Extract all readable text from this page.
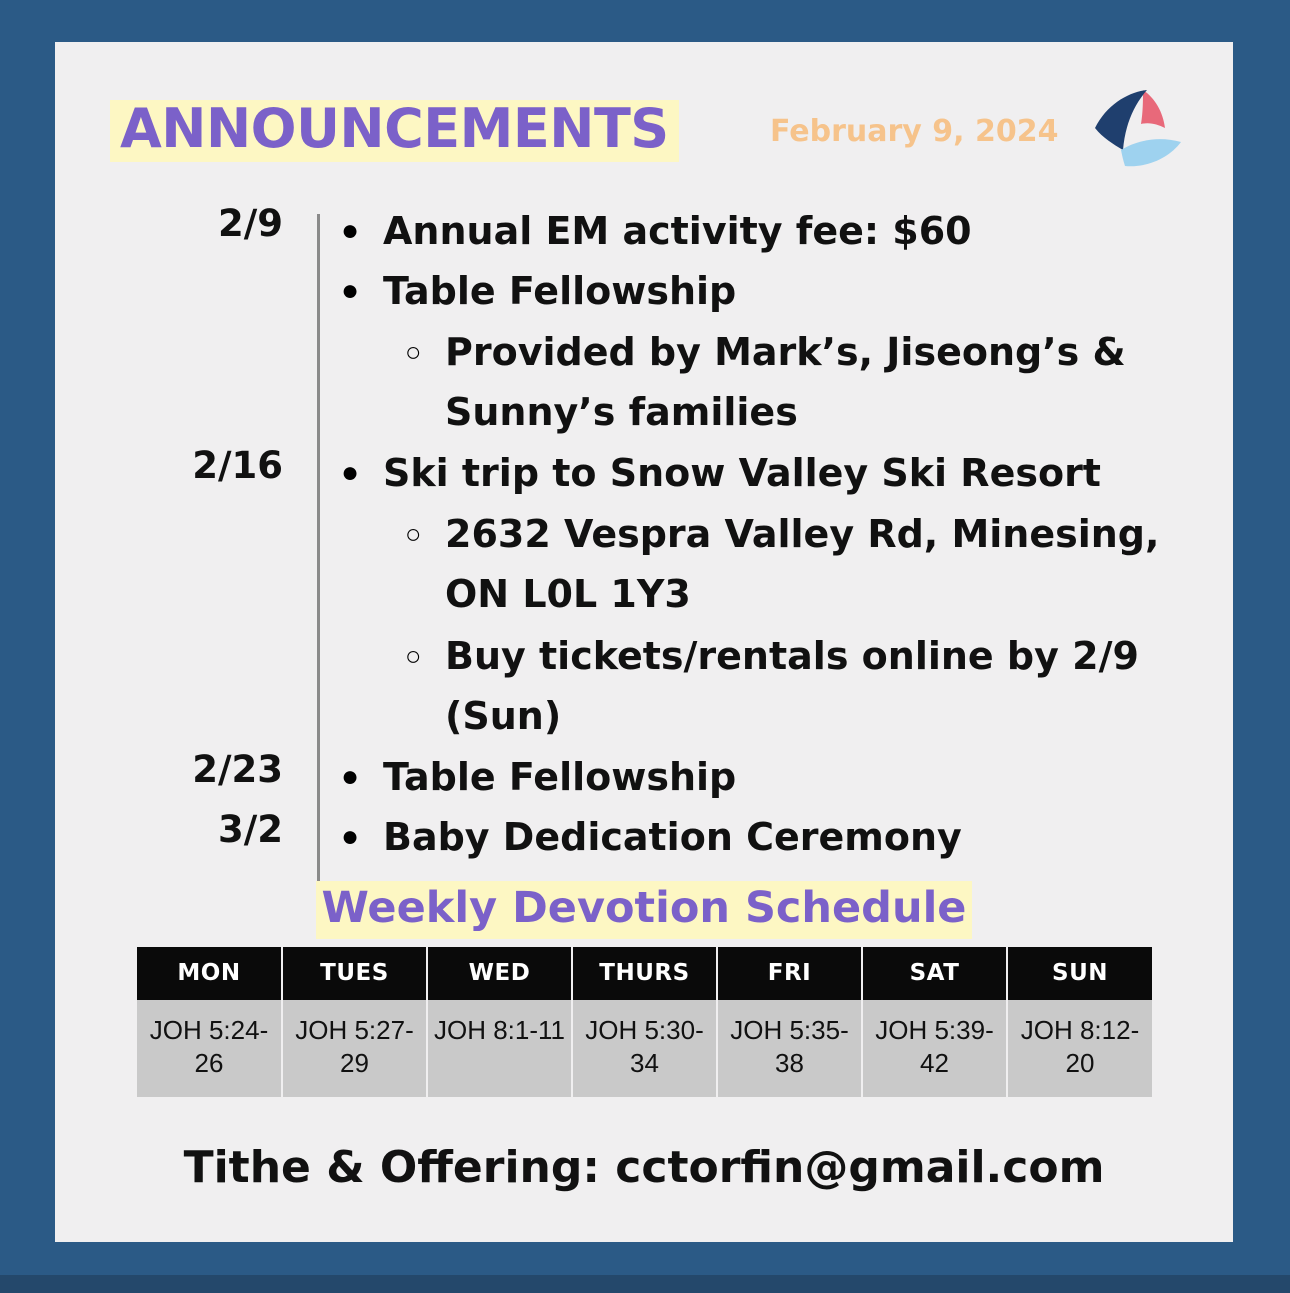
ANNOUNCEMENTS	February 9, 2024
2/9	● Annual EM activity fee: $60
● Table Fellowship
○ Provided by Mark’s, Jiseong’s & Sunny’s families
2/16	● Ski trip to Snow Valley Ski Resort
○ 2632 Vespra Valley Rd, Minesing, ON L0L 1Y3
○ Buy tickets/rentals online by 2/9 (Sun)
2/23	● Table Fellowship
3/2	● Baby Dedication Ceremony
Weekly Devotion Schedule
MON	TUES	WED	THURS	FRI	SAT	SUN
JOH 5:24-26	JOH 5:27-29	JOH 8:1-11	JOH 5:30-34	JOH 5:35-38	JOH 5:39-42	JOH 8:12-20
Tithe & Offering: cctorfin@gmail.com
